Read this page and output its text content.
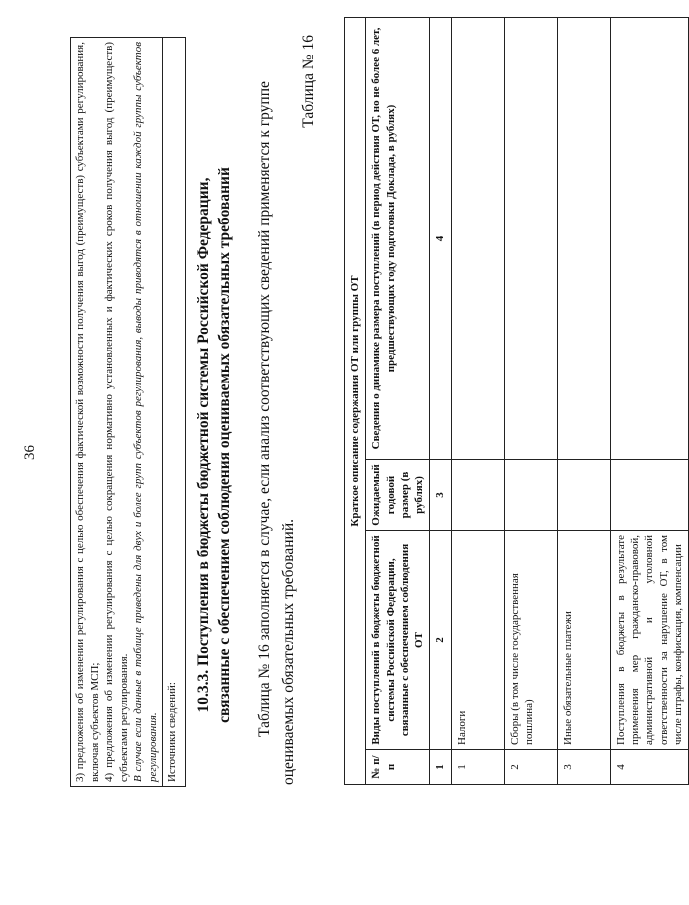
36	3) предложения об изменении регулирования с целью обеспечения фактической возможности получения выгод (преимуществ) субъектами регулирования, включая субъектов МСП; 4) предложения об изменении регулирования с целью сокращения нормативно установленных и фактических сроков получения выгод (преимуществ) субъектами регулирования. В случае если данные в таблице приведены для двух и более групп субъектов регулирования, выводы приводятся в отношении каждой группы субъектов регулирования.

Источники сведений:
10.3.3. Поступления в бюджеты бюджетной системы Российской Федерации, связанные с обеспечением соблюдения оцениваемых обязательных требований Таблица № 16 заполняется в случае, если анализ соответствующих сведений применяется к группе оцениваемых обязательных требований.
Таблица № 16
Краткое описание содержания ОТ или группы ОТ			
№ п/п	Виды поступлений в бюджеты бюджетной системы Российской Федерации, связанные с обеспечением соблюдения ОТ	Ожидаемый годовой размер (в рублях)	Сведения о динамике размера поступлений (в период действия ОТ, но не более 6 лет, предшествующих году подготовки Доклада, в рублях)
1	2	3	4
1	Налоги		
2	Сборы (в том числе государственная пошлина)		
3	Иные обязательные платежи		
4	Поступления в бюджеты в результате применения мер гражданско-правовой, административной и уголовной ответственности за нарушение ОТ, в том числе штрафы, конфискация, компенсации		
